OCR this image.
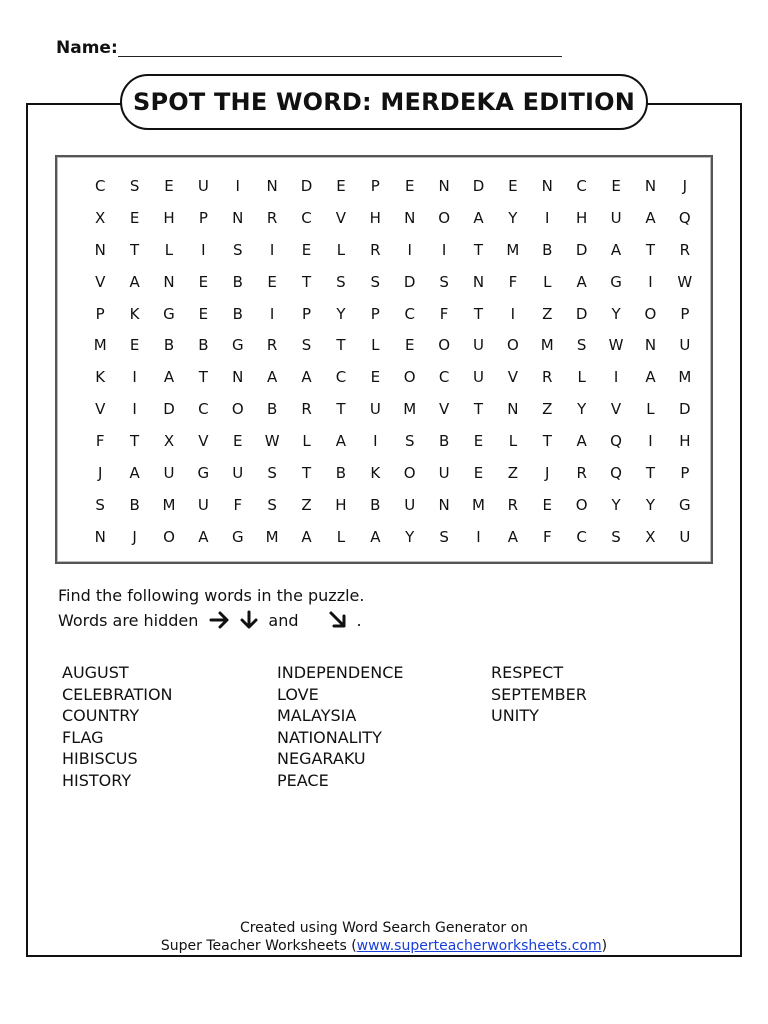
Name:
SPOT THE WORD: MERDEKA EDITION
C	S	E	U	I	N	D	E	P	E	N	D	E	N	C	E	N	J
X	E	H	P	N	R	C	V	H	N	O	A	Y	I	H	U	A	Q
N	T	L	I	S	I	E	L	R	I	I	T	M	B	D	A	T	R
V	A	N	E	B	E	T	S	S	D	S	N	F	L	A	G	I	W
P	K	G	E	B	I	P	Y	P	C	F	T	I	Z	D	Y	O	P
M	E	B	B	G	R	S	T	L	E	O	U	O	M	S	W	N	U
K	I	A	T	N	A	A	C	E	O	C	U	V	R	L	I	A	M
V	I	D	C	O	B	R	T	U	M	V	T	N	Z	Y	V	L	D
F	T	X	V	E	W	L	A	I	S	B	E	L	T	A	Q	I	H
J	A	U	G	U	S	T	B	K	O	U	E	Z	J	R	Q	T	P
S	B	M	U	F	S	Z	H	B	U	N	M	R	E	O	Y	Y	G
N	J	O	A	G	M	A	L	A	Y	S	I	A	F	C	S	X	U
Find the following words in the puzzle.
Words are hidden	and	.
AUGUST
CELEBRATION
COUNTRY
FLAG
HIBISCUS
HISTORY
INDEPENDENCE
LOVE
MALAYSIA
NATIONALITY
NEGARAKU
PEACE
RESPECT
SEPTEMBER
UNITY
Created using Word Search Generator on
Super Teacher Worksheets (www.superteacherworksheets.com)
